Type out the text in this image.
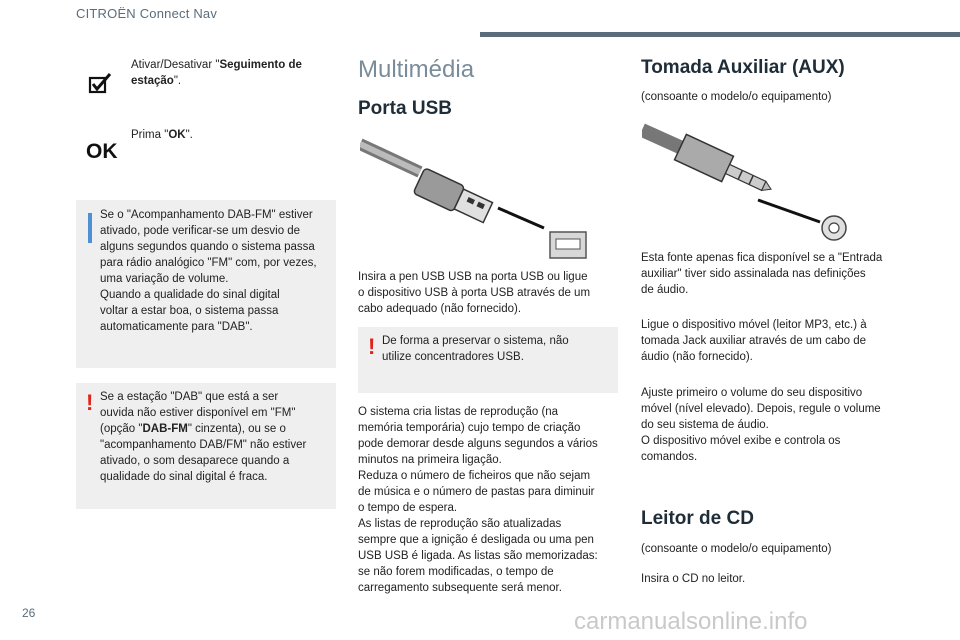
CITROËN Connect Nav
Ativar/Desativar "Seguimento de estação".
OK
Prima "OK".
Se o "Acompanhamento DAB-FM" estiver
ativado, pode verificar-se um desvio de
alguns segundos quando o sistema passa
para rádio analógico "FM" com, por vezes,
uma variação de volume.
Quando a qualidade do sinal digital
voltar a estar boa, o sistema passa
automaticamente para "DAB".
! Se a estação "DAB" que está a ser
ouvida não estiver disponível em "FM"
(opção "DAB-FM" cinzenta), ou se o
"acompanhamento DAB/FM" não estiver
ativado, o som desaparece quando a
qualidade do sinal digital é fraca.
Multimédia
Porta USB
Insira a pen USB USB na porta USB ou ligue
o dispositivo USB à porta USB através de um
cabo adequado (não fornecido).
! De forma a preservar o sistema, não
utilize concentradores USB.
O sistema cria listas de reprodução (na
memória temporária) cujo tempo de criação
pode demorar desde alguns segundos a vários
minutos na primeira ligação.
Reduza o número de ficheiros que não sejam
de música e o número de pastas para diminuir
o tempo de espera.
As listas de reprodução são atualizadas
sempre que a ignição é desligada ou uma pen
USB USB é ligada. As listas são memorizadas:
se não forem modificadas, o tempo de
carregamento subsequente será menor.
Tomada Auxiliar (AUX)
(consoante o modelo/o equipamento)
Esta fonte apenas fica disponível se a "Entrada
auxiliar" tiver sido assinalada nas definições
de áudio.
Ligue o dispositivo móvel (leitor MP3, etc.) à
tomada Jack auxiliar através de um cabo de
áudio (não fornecido).
Ajuste primeiro o volume do seu dispositivo
móvel (nível elevado). Depois, regule o volume
do seu sistema de áudio.
O dispositivo móvel exibe e controla os
comandos.
Leitor de CD
(consoante o modelo/o equipamento)
Insira o CD no leitor.
26	carmanualsonline.info
